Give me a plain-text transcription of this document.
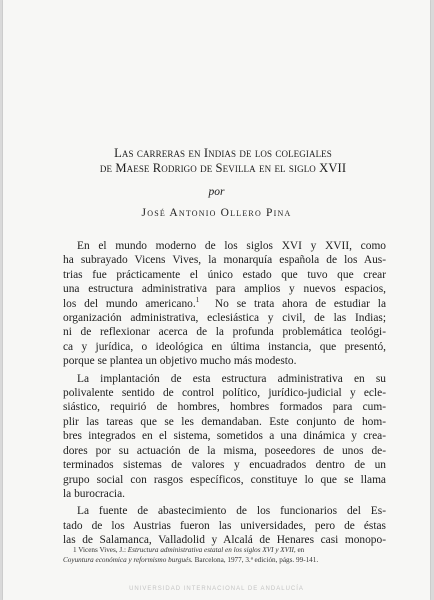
Las carreras en Indias de los colegiales
de Maese Rodrigo de Sevilla en el siglo XVII
por
José Antonio Ollero Pina
En el mundo moderno de los siglos XVI y XVII, como
ha subrayado Vicens Vives, la monarquía española de los Aus-
trias fue prácticamente el único estado que tuvo que crear
una estructura administrativa para amplios y nuevos espacios,
los del mundo americano.$^1$ No se trata ahora de estudiar la
organización administrativa, eclesiástica y civil, de las Indias;
ni de reflexionar acerca de la profunda problemática teológi-
ca y jurídica, o ideológica en última instancia, que presentó,
porque se plantea un objetivo mucho más modesto.
La implantación de esta estructura administrativa en su
polivalente sentido de control político, jurídico-judicial y ecle-
siástico, requirió de hombres, hombres formados para cum-
plir las tareas que se les demandaban. Este conjunto de hom-
bres integrados en el sistema, sometidos a una dinámica y crea-
dores por su actuación de la misma, poseedores de unos de-
terminados sistemas de valores y encuadrados dentro de un
grupo social con rasgos específicos, constituye lo que se llama
la burocracia.
La fuente de abastecimiento de los funcionarios del Es-
tado de los Austrias fueron las universidades, pero de éstas
las de Salamanca, Valladolid y Alcalá de Henares casi monopo-
1 Vicens Vives, J.: Estructura administrativa estatal en los siglos XVI y XVII, en
Coyuntura económica y reformismo burgués. Barcelona, 1977, 3.ª edición, págs. 99-141.
UNIVERSIDAD INTERNACIONAL DE ANDALUCÍA
